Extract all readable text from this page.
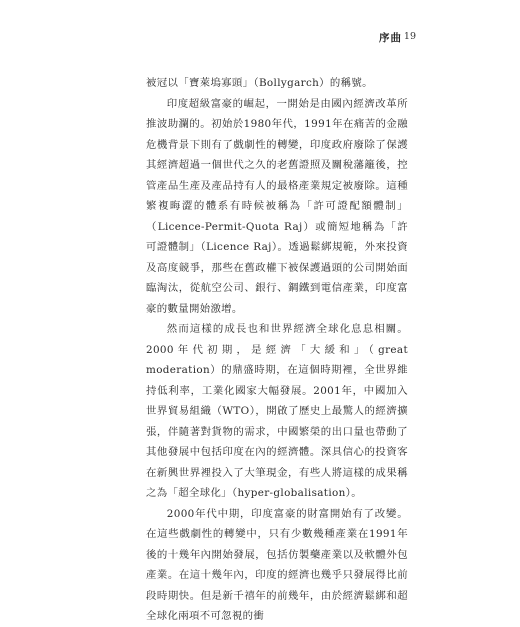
序曲 19

被冠以「寶萊塢寡頭」（Bollygarch）的稱號。

印度超級富豪的崛起，一開始是由國內經濟改革所推波助瀾的。初始於1980年代，1991年在痛苦的金融危機背景下則有了戲劇性的轉變，印度政府廢除了保護其經濟超過一個世代之久的老舊證照及關稅藩籬後，控管產品生產及產品持有人的最格產業規定被廢除。這種繁複晦澀的體系有時候被稱為「許可證配額體制」（Licence-Permit-Quota Raj）或簡短地稱為「許可證體制」（Licence Raj）。透過鬆綁規範，外來投資及高度競爭，那些在舊政權下被保護過頭的公司開始面臨淘汰，從航空公司、銀行、鋼鐵到電信產業，印度富豪的數量開始激增。

然而這樣的成長也和世界經濟全球化息息相關。2000年代初期，是經濟「大緩和」（great moderation）的鼎盛時期，在這個時期裡，全世界維持低利率，工業化國家大幅發展。2001年，中國加入世界貿易組織（WTO），開啟了歷史上最驚人的經濟擴張，伴隨著對貨物的需求，中國繁榮的出口量也帶動了其他發展中包括印度在內的經濟體。深具信心的投資客在新興世界裡投入了大筆現金，有些人將這樣的成果稱之為「超全球化」（hyper-globalisation）。

2000年代中期，印度富豪的財富開始有了改變。在這些戲劇性的轉變中，只有少數幾種產業在1991年後的十幾年內開始發展，包括仿製藥產業以及軟體外包產業。在這十幾年內，印度的經濟也幾乎只發展得比前段時期快。但是新千禧年的前幾年，由於經濟鬆綁和超全球化兩項不可忽視的衝
